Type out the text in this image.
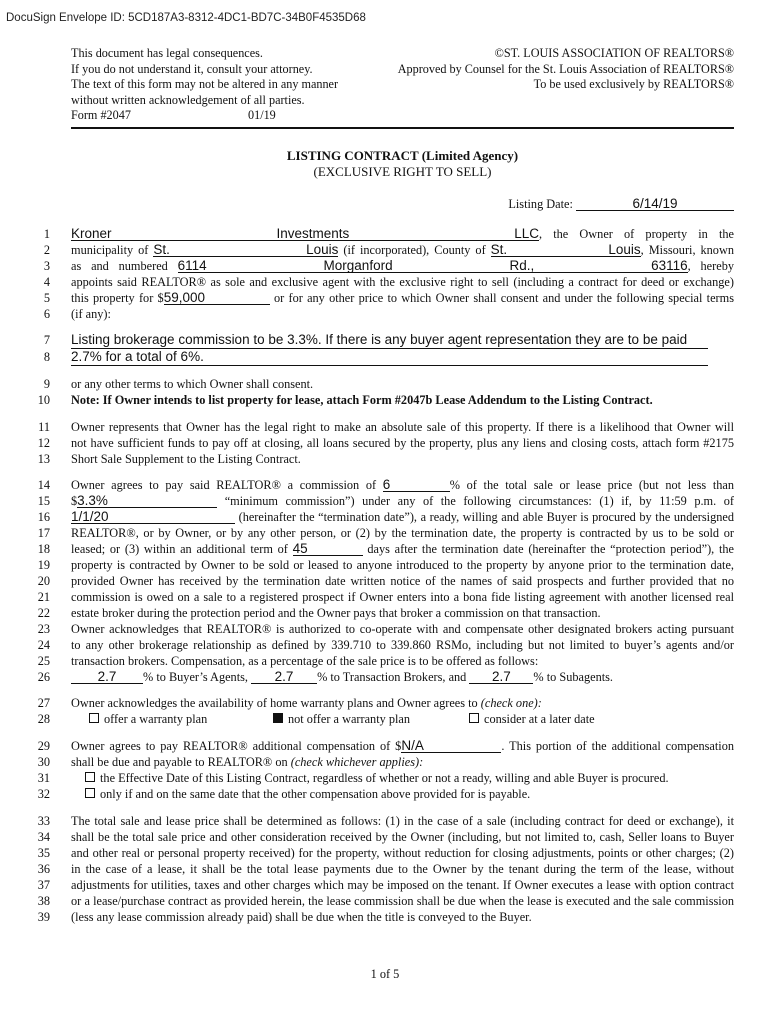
DocuSign Envelope ID: 5CD187A3-8312-4DC1-BD7C-34B0F4535D68
This document has legal consequences.
If you do not understand it, consult your attorney.
The text of this form may not be altered in any manner
without written acknowledgement of all parties.
Form #2047	01/19
©ST. LOUIS ASSOCIATION OF REALTORS®
Approved by Counsel for the St. Louis Association of REALTORS®
To be used exclusively by REALTORS®
LISTING CONTRACT (Limited Agency)
(EXCLUSIVE RIGHT TO SELL)
Listing Date:	6/14/19
1
2
3
4
5
6
7
8
9
10
11
12
13
14
15
16
17
18
19
20
21
22
23
24
25
26
27
28
29
30
31
32
33
34
35
36
37
38
39
Kroner Investments LLC, the Owner of property in the
municipality of St. Louis (if incorporated), County of St. Louis, Missouri, known
as and numbered 6114 Morganford Rd., 63116, hereby
appoints said REALTOR® as sole and exclusive agent with the exclusive right to sell (including a contract for deed or exchange)
this property for $59,000	or for any other price to which Owner shall consent and under the following special terms
(if any):
Listing brokerage commission to be 3.3%. If there is any buyer agent representation they are to be paid
2.7% for a total of 6%.
or any other terms to which Owner shall consent.
Note: If Owner intends to list property for lease, attach Form #2047b Lease Addendum to the Listing Contract.
Owner represents that Owner has the legal right to make an absolute sale of this property. If there is a likelihood that Owner will
not have sufficient funds to pay off at closing, all loans secured by the property, plus any liens and closing costs, attach form #2175
Short Sale Supplement to the Listing Contract.
Owner agrees to pay said REALTOR® a commission of 6	% of the total sale or lease price (but not less than
$3.3%	“minimum commission”) under any of the following circumstances: (1) if, by 11:59 p.m. of
1/1/20	(hereinafter the “termination date”), a ready, willing and able Buyer is procured by the undersigned
REALTOR®, or by Owner, or by any other person, or (2) by the termination date, the property is contracted by us to be sold or
leased; or (3) within an additional term of 45	days after the termination date (hereinafter the “protection period”), the
property is contracted by Owner to be sold or leased to anyone introduced to the property by anyone prior to the termination date,
provided Owner has received by the termination date written notice of the names of said prospects and further provided that no
commission is owed on a sale to a registered prospect if Owner enters into a bona fide listing agreement with another licensed real
estate broker during the protection period and the Owner pays that broker a commission on that transaction.
Owner acknowledges that REALTOR® is authorized to co-operate with and compensate other designated brokers acting pursuant
to any other brokerage relationship as defined by 339.710 to 339.860 RSMo, including but not limited to buyer’s agents and/or
transaction brokers. Compensation, as a percentage of the sale price is to be offered as follows:
2.7 % to Buyer’s Agents, 2.7 % to Transaction Brokers, and 2.7 % to Subagents.
Owner acknowledges the availability of home warranty plans and Owner agrees to (check one):
offer a warranty plan	not offer a warranty plan	consider at a later date
Owner agrees to pay REALTOR® additional compensation of $N/A	. This portion of the additional compensation
shall be due and payable to REALTOR® on (check whichever applies):
the Effective Date of this Listing Contract, regardless of whether or not a ready, willing and able Buyer is procured.
only if and on the same date that the other compensation above provided for is payable.
The total sale and lease price shall be determined as follows: (1) in the case of a sale (including contract for deed or exchange), it
shall be the total sale price and other consideration received by the Owner (including, but not limited to, cash, Seller loans to Buyer
and other real or personal property received) for the property, without reduction for closing adjustments, points or other charges; (2)
in the case of a lease, it shall be the total lease payments due to the Owner by the tenant during the term of the lease, without
adjustments for utilities, taxes and other charges which may be imposed on the tenant. If Owner executes a lease with option contract
or a lease/purchase contract as provided herein, the lease commission shall be due when the lease is executed and the sale commission
(less any lease commission already paid) shall be due when the title is conveyed to the Buyer.
1 of 5
